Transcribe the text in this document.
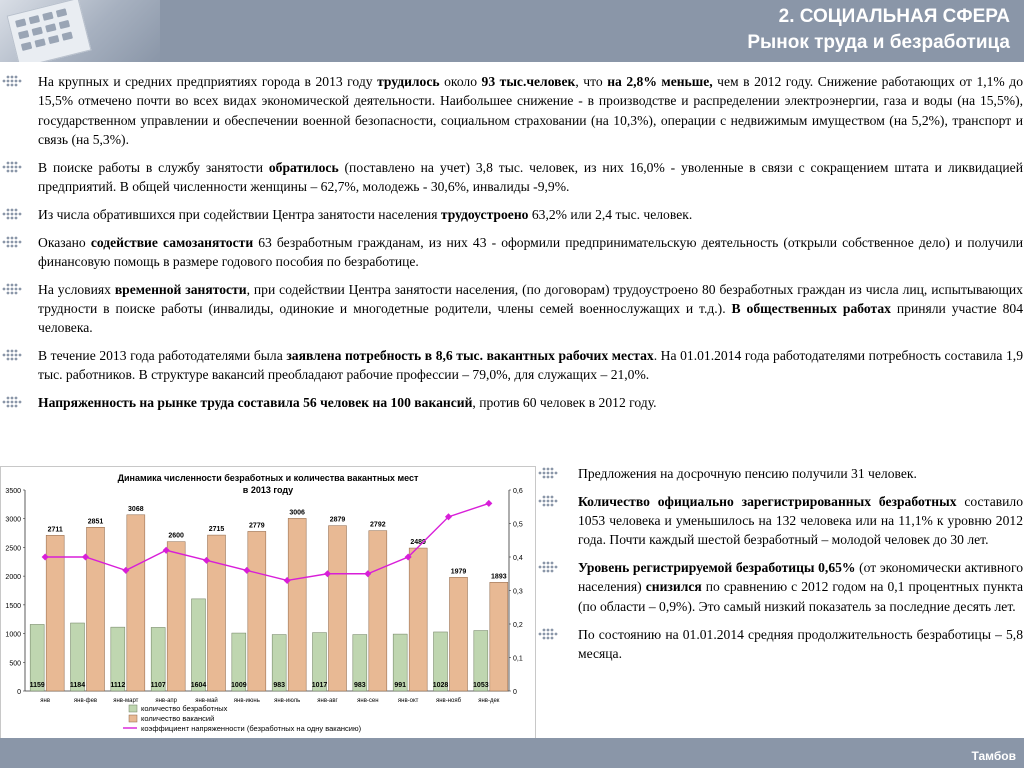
2. СОЦИАЛЬНАЯ СФЕРА
Рынок труда и безработица
На крупных и средних предприятиях города в 2013 году трудилось около 93 тыс.человек, что на 2,8% меньше, чем в 2012 году. Снижение работающих от 1,1% до 15,5% отмечено почти во всех видах экономической деятельности. Наибольшее снижение - в производстве и распределении электроэнергии, газа и воды (на 15,5%), государственном управлении и обеспечении военной безопасности, социальном страховании (на 10,3%), операции с недвижимым имуществом (на 5,2%), транспорт и связь (на 5,3%).
В поиске работы в службу занятости обратилось (поставлено на учет) 3,8 тыс. человек, из них 16,0% - уволенные в связи с сокращением штата и ликвидацией предприятий. В общей численности женщины – 62,7%, молодежь - 30,6%, инвалиды -9,9%.
Из числа обратившихся при содействии Центра занятости населения трудоустроено 63,2% или 2,4 тыс. человек.
Оказано содействие самозанятости 63 безработным гражданам, из них 43 - оформили предпринимательскую деятельность (открыли собственное дело) и получили финансовую помощь в размере годового пособия по безработице.
На условиях временной занятости, при содействии Центра занятости населения, (по договорам) трудоустроено 80 безработных граждан из числа лиц, испытывающих трудности в поиске работы (инвалиды, одинокие и многодетные родители, члены семей военнослужащих и т.д.). В общественных работах приняли участие 804 человека.
В течение 2013 года работодателями была заявлена потребность в 8,6 тыс. вакантных рабочих местах. На 01.01.2014 года работодателями потребность составила 1,9 тыс. работников. В структуре вакансий преобладают рабочие профессии – 79,0%, для служащих – 21,0%.
Напряженность на рынке труда составила 56 человек на 100 вакансий, против 60 человек в 2012 году.
Динамика численности безработных и количества вакантных мест
в 2013 году
0
500
1000
1500
2000
2500
3000
3500
0
0,1
0,2
0,3
0,4
0,5
0,6
1159
2711
янв
1184
2851
янв-фев
1112
3068
янв-март
1107
2600
янв-апр
1604
2715
янв-май
1009
2779
янв-июнь
983
3006
янв-июль
1017
2879
янв-авг
983
2792
янв-сен
991
2489
янв-окт
1028
1979
янв-нояб
1053
1893
янв-дек
количество безработных
количество вакансий
коэффициент напряженности (безработных на одну вакансию)
Предложения на досрочную пенсию получили 31 человек.
Количество официально зарегистрированных безработных составило 1053 человека и уменьшилось на 132 человека или на 11,1% к уровню 2012 года. Почти каждый шестой безработный – молодой человек до 30 лет.
Уровень регистрируемой безработицы 0,65% (от экономически активного населения) снизился по сравнению с 2012 годом на 0,1 процентных пункта (по области – 0,9%). Это самый низкий показатель за последние десять лет.
По состоянию на 01.01.2014 средняя продолжительность безработицы – 5,8 месяца.
Тамбов
